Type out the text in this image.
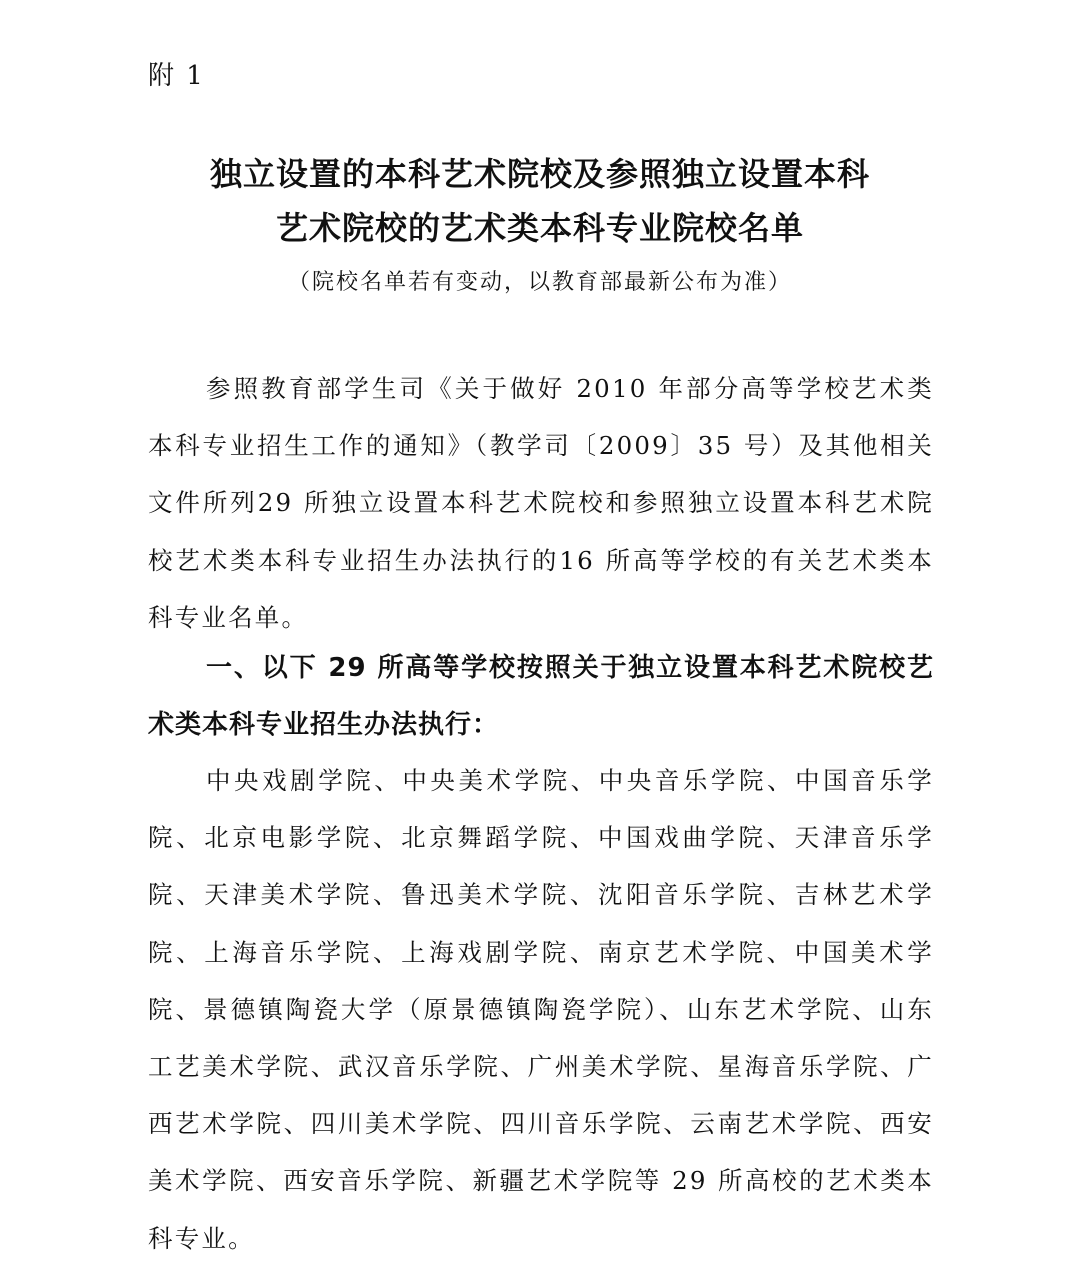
附 1
独立设置的本科艺术院校及参照独立设置本科
艺术院校的艺术类本科专业院校名单
（院校名单若有变动，以教育部最新公布为准）

参照教育部学生司《关于做好 2010 年部分高等学校艺术类本科专业招生工作的通知》（教学司〔2009〕35 号）及其他相关文件所列29 所独立设置本科艺术院校和参照独立设置本科艺术院校艺术类本科专业招生办法执行的16 所高等学校的有关艺术类本科专业名单。

一、以下 29 所高等学校按照关于独立设置本科艺术院校艺术类本科专业招生办法执行：

中央戏剧学院、中央美术学院、中央音乐学院、中国音乐学院、北京电影学院、北京舞蹈学院、中国戏曲学院、天津音乐学院、天津美术学院、鲁迅美术学院、沈阳音乐学院、吉林艺术学院、上海音乐学院、上海戏剧学院、南京艺术学院、中国美术学院、景德镇陶瓷大学（原景德镇陶瓷学院）、山东艺术学院、山东工艺美术学院、武汉音乐学院、广州美术学院、星海音乐学院、广西艺术学院、四川美术学院、四川音乐学院、云南艺术学院、西安美术学院、西安音乐学院、新疆艺术学院等 29 所高校的艺术类本科专业。
